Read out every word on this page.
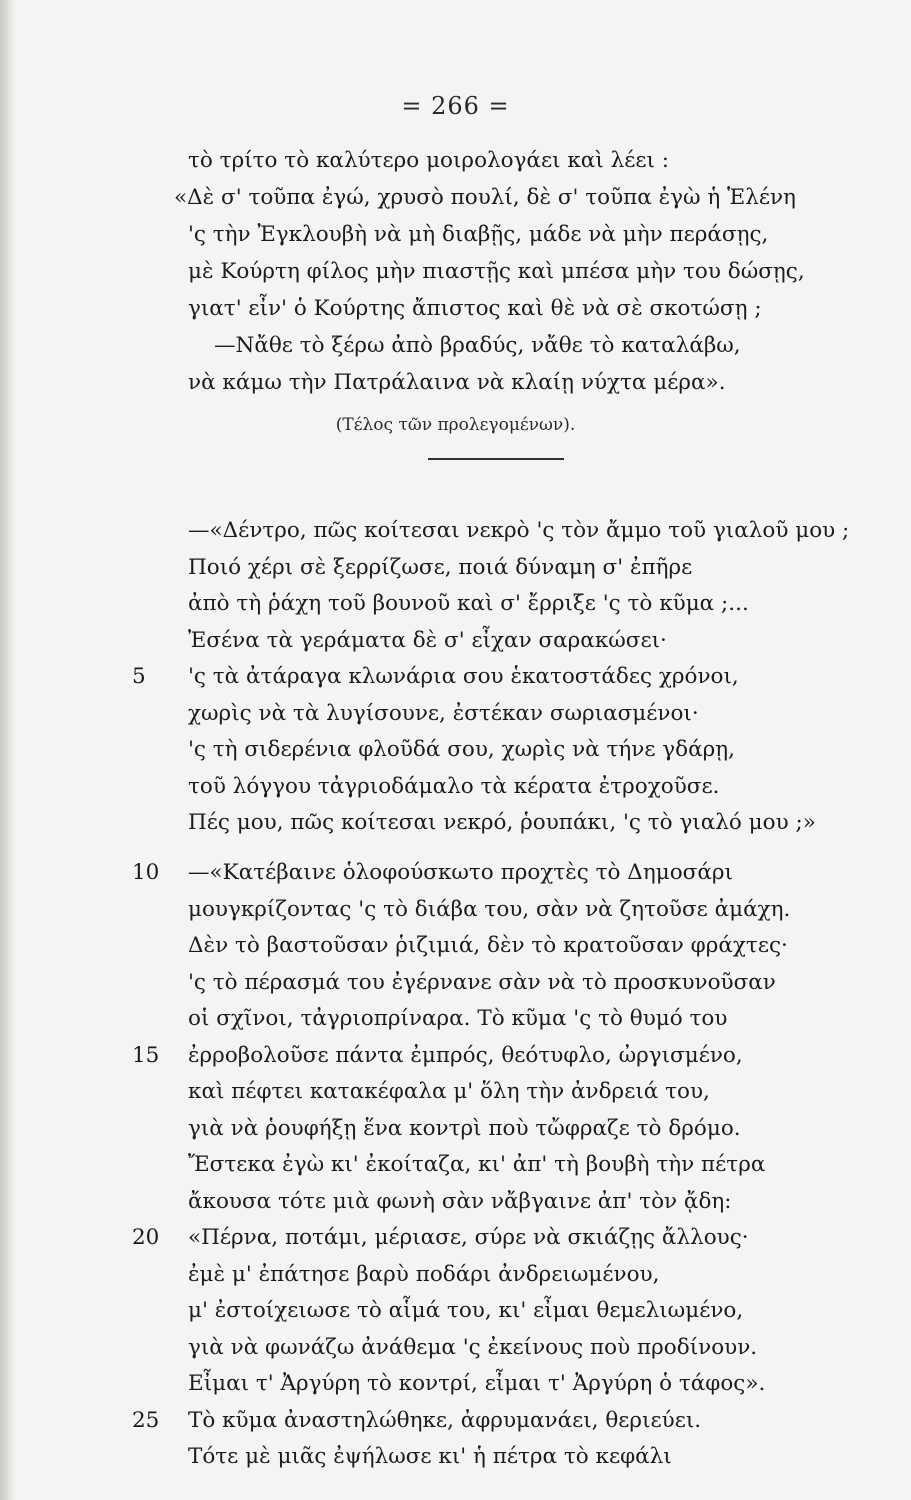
= 266 =
τὸ τρίτο τὸ καλύτερο μοιρολογάει καὶ λέει :
«Δὲ σ' τοῦπα ἐγώ, χρυσὸ πουλί, δὲ σ' τοῦπα ἐγὼ ἡ Ἑλένη
'ς τὴν Ἐγκλουβὴ νὰ μὴ διαβῇς, μάδε νὰ μὴν περάσῃς,
μὲ Κούρτη φίλος μὴν πιαστῇς καὶ μπέσα μὴν του δώσῃς,
γιατ' εἶν' ὁ Κούρτης ἄπιστος καὶ θὲ νὰ σὲ σκοτώσῃ ;
—Νἄθε τὸ ξέρω ἀπὸ βραδύς, νἄθε τὸ καταλάβω,
νὰ κάμω τὴν Πατράλαινα νὰ κλαίῃ νύχτα μέρα».
(Τέλος τῶν προλεγομένων).
—«Δέντρο, πῶς κοίτεσαι νεκρὸ 'ς τὸν ἄμμο τοῦ γιαλοῦ μου ;
Ποιό χέρι σὲ ξερρίζωσε, ποιά δύναμη σ' ἐπῆρε
ἀπὸ τὴ ῥάχη τοῦ βουνοῦ καὶ σ' ἔρριξε 'ς τὸ κῦμα ;...
Ἐσένα τὰ γεράματα δὲ σ' εἶχαν σαρακώσει·
'ς τὰ ἀτάραγα κλωνάρια σου ἑκατοστάδες χρόνοι,
χωρὶς νὰ τὰ λυγίσουνε, ἐστέκαν σωριασμένοι·
'ς τὴ σιδερένια φλοῦδά σου, χωρὶς νὰ τήνε γδάρῃ,
τοῦ λόγγου τἀγριοδάμαλο τὰ κέρατα ἐτροχοῦσε.
Πές μου, πῶς κοίτεσαι νεκρό, ῥουπάκι, 'ς τὸ γιαλό μου ;»
—«Κατέβαινε ὁλοφούσκωτο προχτὲς τὸ Δημοσάρι
μουγκρίζοντας 'ς τὸ διάβα του, σὰν νὰ ζητοῦσε ἀμάχη.
Δὲν τὸ βαστοῦσαν ῥιζιμιά, δὲν τὸ κρατοῦσαν φράχτες·
'ς τὸ πέρασμά του ἐγέρνανε σὰν νὰ τὸ προσκυνοῦσαν
οἱ σχῖνοι, τἀγριοπρίναρα. Τὸ κῦμα 'ς τὸ θυμό του
ἐρροβολοῦσε πάντα ἐμπρός, θεότυφλο, ὠργισμένο,
καὶ πέφτει κατακέφαλα μ' ὅλη τὴν ἀνδρειά του,
γιὰ νὰ ῥουφήξῃ ἕνα κοντρὶ ποὺ τὤφραζε τὸ δρόμο.
Ἔστεκα ἐγὼ κι' ἐκοίταζα, κι' ἀπ' τὴ βουβὴ τὴν πέτρα
ἄκουσα τότε μιὰ φωνὴ σὰν νἄβγαινε ἀπ' τὸν ᾄδη:
«Πέρνα, ποτάμι, μέριασε, σύρε νὰ σκιάζῃς ἄλλους·
ἐμὲ μ' ἐπάτησε βαρὺ ποδάρι ἀνδρειωμένου,
μ' ἐστοίχειωσε τὸ αἷμά του, κι' εἶμαι θεμελιωμένο,
γιὰ νὰ φωνάζω ἀνάθεμα 'ς ἐκείνους ποὺ προδίνουν.
Εἶμαι τ' Ἀργύρη τὸ κοντρί, εἶμαι τ' Ἀργύρη ὁ τάφος».
Τὸ κῦμα ἀναστηλώθηκε, ἀφρυμανάει, θεριεύει.
Τότε μὲ μιᾶς ἐψήλωσε κι' ἡ πέτρα τὸ κεφάλι
5
10
15
20
25
